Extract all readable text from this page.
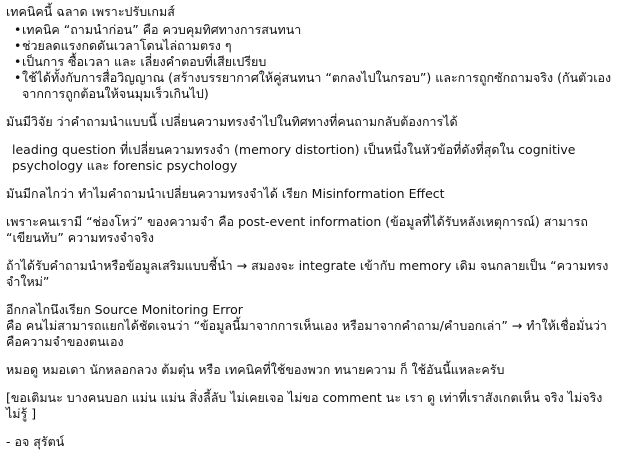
เทคนิคนี้ ฉลาด เพราะปรับเกมส์

• เทคนิค “ถามนำก่อน” คือ ควบคุมทิศทางการสนทนา
• ช่วยลดแรงกดดันเวลาโดนไล่ถามตรง ๆ
• เป็นการ ซื้อเวลา และ เลี่ยงคำตอบที่เสียเปรียบ
• ใช้ได้ทั้งกับการสื่อวิญญาณ (สร้างบรรยากาศให้คู่สนทนา “ตกลงไปในกรอบ”) และการถูกซักถามจริง (กันตัวเองจากการถูกต้อนให้จนมุมเร็วเกินไป)

มันมีวิจัย ว่าคำถามนำแบบนี้ เปลี่ยนความทรงจำไปในทิศทางที่คนถามกลับต้องการได้

leading question ที่เปลี่ยนความทรงจำ (memory distortion) เป็นหนึ่งในหัวข้อที่ดังที่สุดใน cognitive psychology และ forensic psychology

มันมีกลไกว่า ทำไมคำถามนำเปลี่ยนความทรงจำได้ เรียก Misinformation Effect

เพราะคนเรามี “ช่องโหว่” ของความจำ คือ post-event information (ข้อมูลที่ได้รับหลังเหตุการณ์) สามารถ “เขียนทับ” ความทรงจำจริง

ถ้าได้รับคำถามนำหรือข้อมูลเสริมแบบชี้นำ → สมองจะ integrate เข้ากับ memory เดิม จนกลายเป็น “ความทรงจำใหม่”

อีกกลไกนึงเรียก Source Monitoring Error
คือ คนไม่สามารถแยกได้ชัดเจนว่า “ข้อมูลนี้มาจากการเห็นเอง หรือมาจากคำถาม/คำบอกเล่า” → ทำให้เชื่อมั่นว่าคือความจำของตนเอง

หมอดู หมอเดา นักหลอกลวง ต้มตุ๋น หรือ เทคนิคที่ใช้ของพวก ทนายความ ก็ ใช้อันนี้แหละครับ

[ขอเติมนะ บางคนบอก แม่น แม่น สิ่งลี้ลับ ไม่เคยเจอ ไม่ขอ comment นะ เรา ดู เท่าที่เราสังเกตเห็น จริง ไม่จริง ไม่รู้ ]

- อจ สุรัตน์
